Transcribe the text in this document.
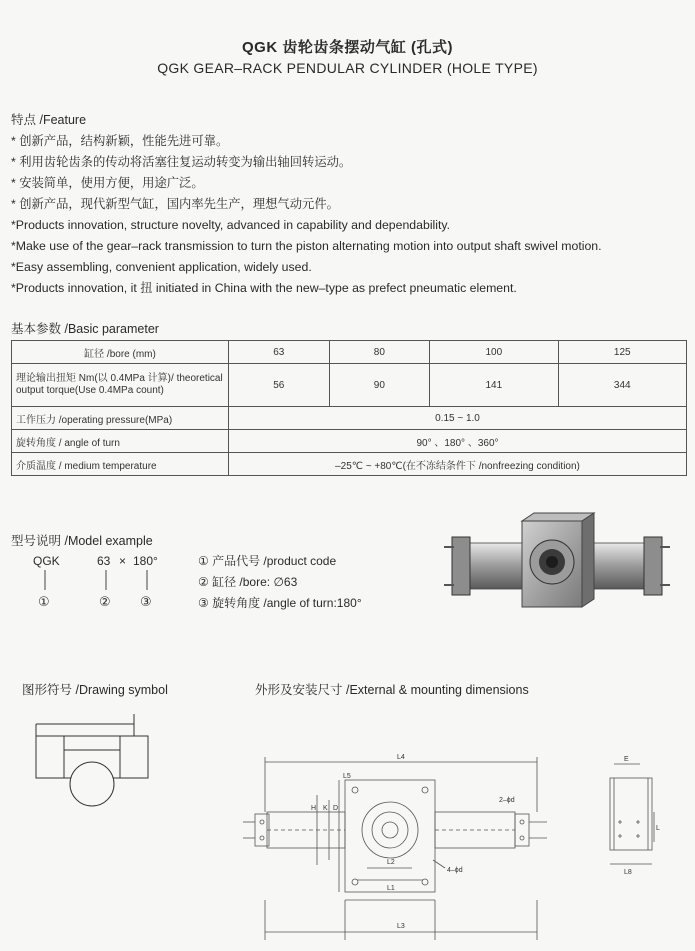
QGK 齿轮齿条摆动气缸 (孔式)
QGK GEAR–RACK PENDULAR CYLINDER (HOLE TYPE)
特点 /Feature
* 创新产品，结构新颖，性能先进可靠。
* 利用齿轮齿条的传动将活塞往复运动转变为输出轴回转运动。
* 安装简单，使用方便，用途广泛。
* 创新产品，现代新型气缸，国内率先生产，理想气动元件。
*Products innovation, structure novelty, advanced in capability and dependability.
*Make use of the gear–rack transmission to turn the piston alternating motion into output shaft swivel motion.
*Easy assembling, convenient application, widely used.
*Products innovation, it 扭 initiated in China with the new–type as prefect pneumatic element.
基本参数 /Basic parameter
缸径 /bore (mm)	63	80	100	125
理论输出扭矩 Nm(以 0.4MPa 计算)/ theoretical output torque(Use 0.4MPa count)	56	90	141	344
工作压力 /operating pressure(MPa)	0.15 ~ 1.0			
旋转角度 / angle of turn	90° 、180° 、360°			
介质温度 / medium temperature	–25℃ ~ +80℃(在不冻结条件下 /nonfreezing condition)			
型号说明 /Model example
QGK	63 × 180°
①	② ③
① 产品代号 /product code
② 缸径 /bore: ∅63
③ 旋转角度 /angle of turn:180°
图形符号 /Drawing symbol	外形及安装尺寸 /External & mounting dimensions
L4
L5
H K D
2–ϕd
L2
L1
L3
4–ϕd
E
L
L8
